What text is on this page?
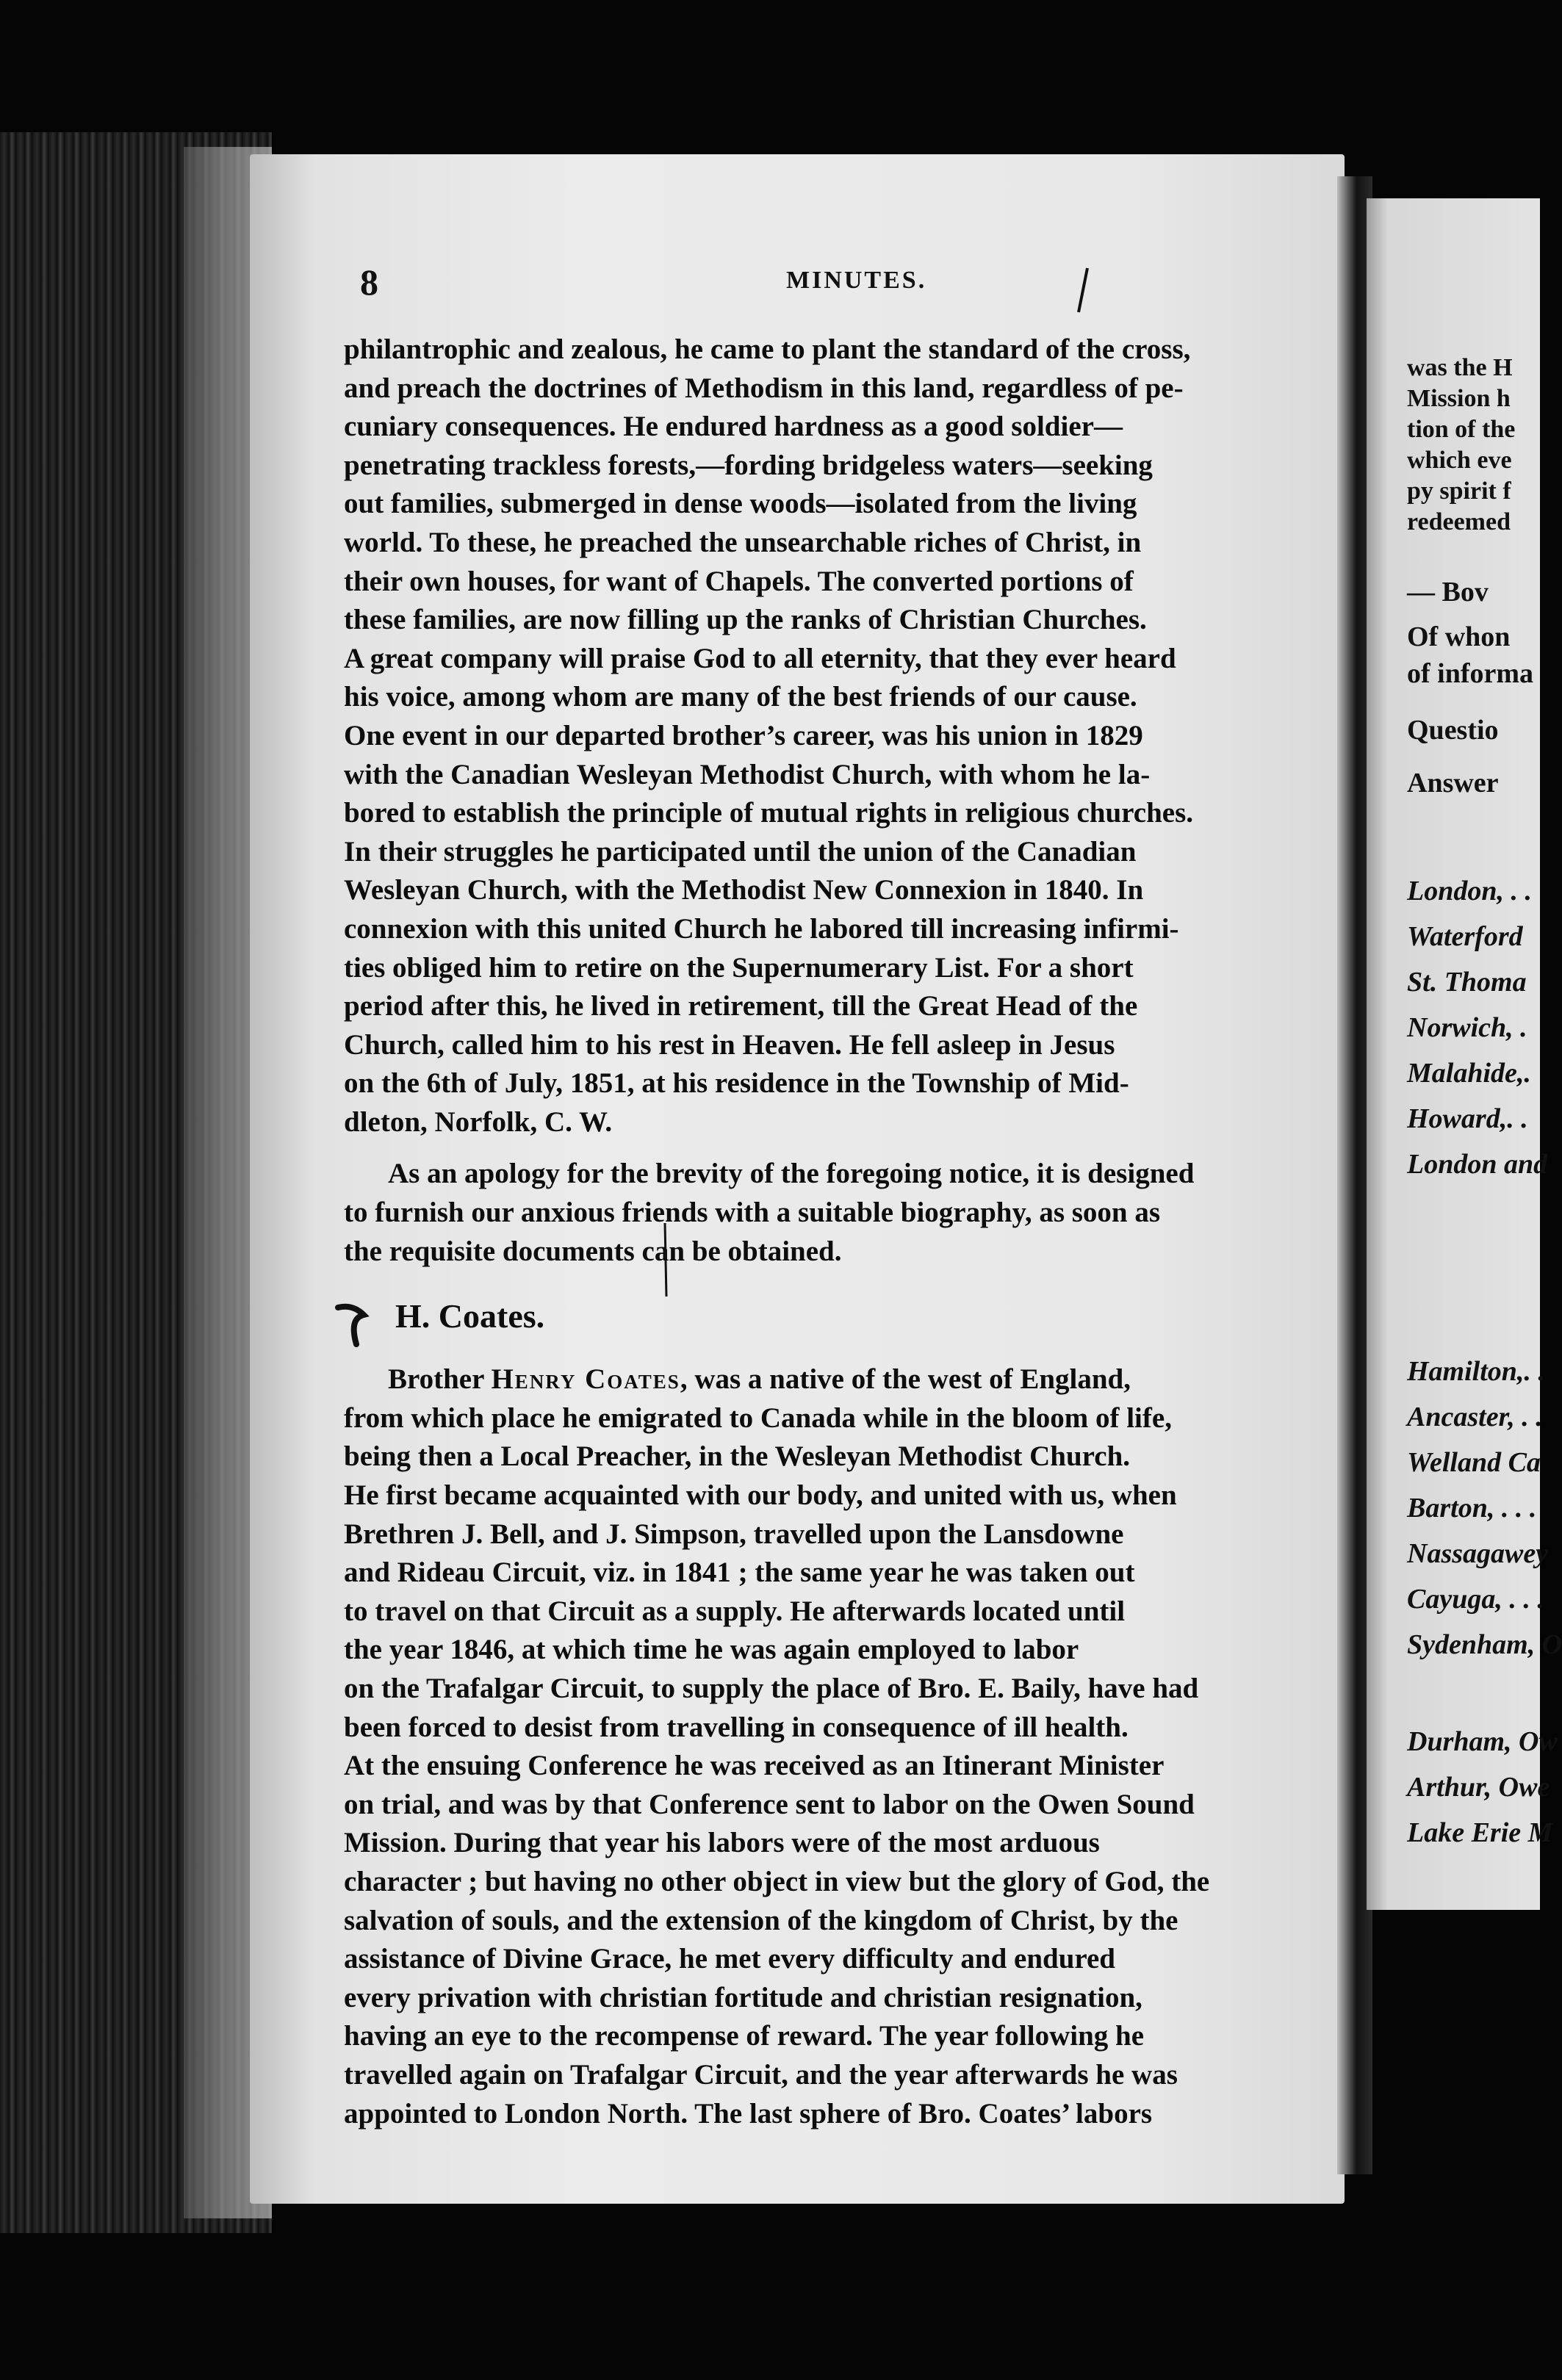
8	MINUTES.
philantrophic and zealous, he came to plant the standard of the cross,
and preach the doctrines of Methodism in this land, regardless of pe-
cuniary consequences. He endured hardness as a good soldier—
penetrating trackless forests,—fording bridgeless waters—seeking
out families, submerged in dense woods—isolated from the living
world. To these, he preached the unsearchable riches of Christ, in
their own houses, for want of Chapels. The converted portions of
these families, are now filling up the ranks of Christian Churches.
A great company will praise God to all eternity, that they ever heard
his voice, among whom are many of the best friends of our cause.
One event in our departed brother’s career, was his union in 1829
with the Canadian Wesleyan Methodist Church, with whom he la-
bored to establish the principle of mutual rights in religious churches.
In their struggles he participated until the union of the Canadian
Wesleyan Church, with the Methodist New Connexion in 1840. In
connexion with this united Church he labored till increasing infirmi-
ties obliged him to retire on the Supernumerary List. For a short
period after this, he lived in retirement, till the Great Head of the
Church, called him to his rest in Heaven. He fell asleep in Jesus
on the 6th of July, 1851, at his residence in the Township of Mid-
dleton, Norfolk, C. W.
As an apology for the brevity of the foregoing notice, it is designed
to furnish our anxious friends with a suitable biography, as soon as
the requisite documents can be obtained.
H. Coates.
Brother Henry Coates, was a native of the west of England,
from which place he emigrated to Canada while in the bloom of life,
being then a Local Preacher, in the Wesleyan Methodist Church.
He first became acquainted with our body, and united with us, when
Brethren J. Bell, and J. Simpson, travelled upon the Lansdowne
and Rideau Circuit, viz. in 1841 ; the same year he was taken out
to travel on that Circuit as a supply. He afterwards located until
the year 1846, at which time he was again employed to labor
on the Trafalgar Circuit, to supply the place of Bro. E. Baily, have had
been forced to desist from travelling in consequence of ill health.
At the ensuing Conference he was received as an Itinerant Minister
on trial, and was by that Conference sent to labor on the Owen Sound
Mission. During that year his labors were of the most arduous
character ; but having no other object in view but the glory of God, the
salvation of souls, and the extension of the kingdom of Christ, by the
assistance of Divine Grace, he met every difficulty and endured
every privation with christian fortitude and christian resignation,
having an eye to the recompense of reward. The year following he
travelled again on Trafalgar Circuit, and the year afterwards he was
appointed to London North. The last sphere of Bro. Coates’ labors
was the H
Mission h
tion of the
which eve
py spirit f
redeemed
— Bov
Of whon
of informa
Questio
Answer
London, . .
Waterford
St. Thoma
Norwich, .
Malahide,.
Howard,. .
London and
Hamilton,. .
Ancaster, . .
Welland Ca
Barton, . . .
Nassagawey
Cayuga, . . .
Sydenham, O
Durham, Ow
Arthur, Owe
Lake Erie M
